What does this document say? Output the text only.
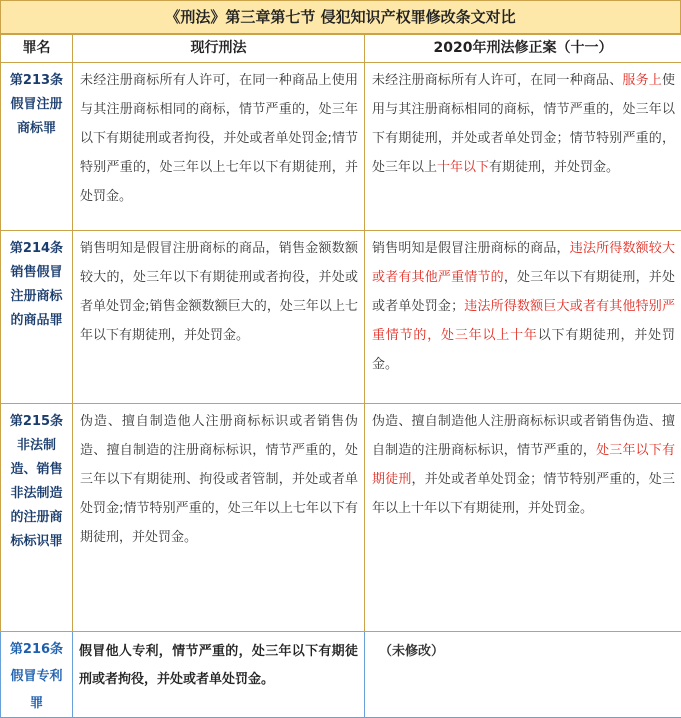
《刑法》第三章第七节 侵犯知识产权罪修改条文对比
罪名	现行刑法	2020年刑法修正案（十一）
第213条 假冒注册商标罪	未经注册商标所有人许可，在同一种商品上使用与其注册商标相同的商标，情节严重的，处三年以下有期徒刑或者拘役，并处或者单处罚金;情节特别严重的，处三年以上七年以下有期徒刑，并处罚金。	未经注册商标所有人许可，在同一种商品、服务上使用与其注册商标相同的商标，情节严重的，处三年以下有期徒刑，并处或者单处罚金；情节特别严重的，处三年以上十年以下有期徒刑，并处罚金。
第214条 销售假冒注册商标的商品罪	销售明知是假冒注册商标的商品，销售金额数额较大的，处三年以下有期徒刑或者拘役，并处或者单处罚金;销售金额数额巨大的，处三年以上七年以下有期徒刑，并处罚金。	销售明知是假冒注册商标的商品，违法所得数额较大或者有其他严重情节的，处三年以下有期徒刑，并处或者单处罚金；违法所得数额巨大或者有其他特别严重情节的，处三年以上十年以下有期徒刑，并处罚金。
第215条 非法制造、销售非法制造的注册商标标识罪	伪造、擅自制造他人注册商标标识或者销售伪造、擅自制造的注册商标标识，情节严重的，处三年以下有期徒刑、拘役或者管制，并处或者单处罚金;情节特别严重的，处三年以上七年以下有期徒刑，并处罚金。	伪造、擅自制造他人注册商标标识或者销售伪造、擅自制造的注册商标标识，情节严重的，处三年以下有期徒刑，并处或者单处罚金；情节特别严重的，处三年以上十年以下有期徒刑，并处罚金。
第216条 假冒专利罪	假冒他人专利，情节严重的，处三年以下有期徒刑或者拘役，并处或者单处罚金。	（未修改）
